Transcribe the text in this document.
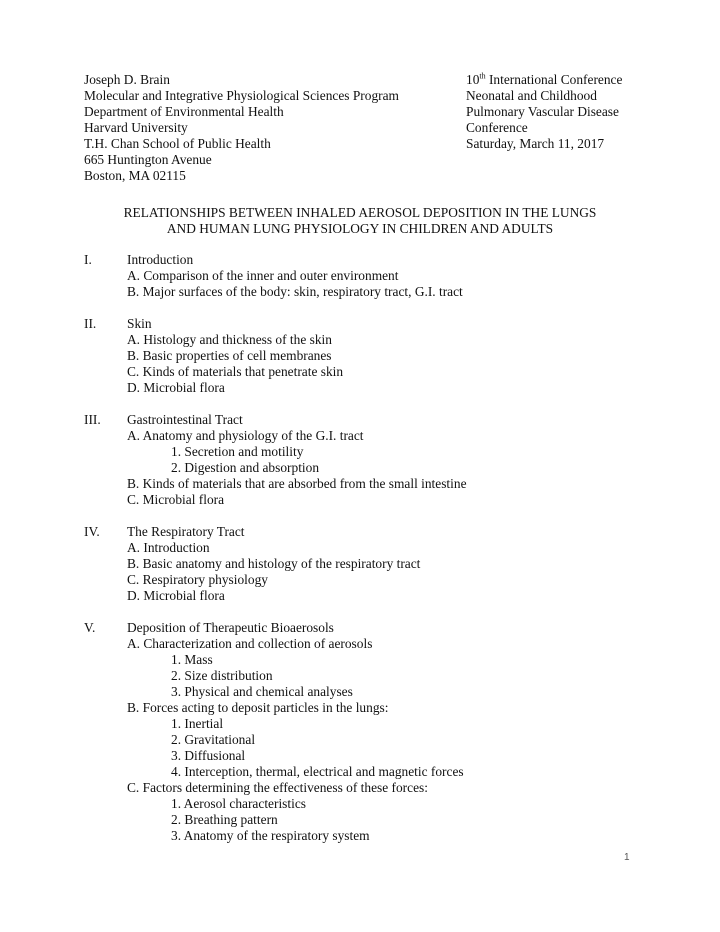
Joseph D. Brain
Molecular and Integrative Physiological Sciences Program
Department of Environmental Health
Harvard University
T.H. Chan School of Public Health
665 Huntington Avenue
Boston, MA 02115
10th International Conference
Neonatal and Childhood
Pulmonary Vascular Disease
Conference
Saturday, March 11, 2017
RELATIONSHIPS BETWEEN INHALED AEROSOL DEPOSITION IN THE LUNGS
AND HUMAN LUNG PHYSIOLOGY IN CHILDREN AND ADULTS
I.	Introduction
A. Comparison of the inner and outer environment
B. Major surfaces of the body: skin, respiratory tract, G.I. tract
II. Skin
A. Histology and thickness of the skin
B. Basic properties of cell membranes
C. Kinds of materials that penetrate skin
D. Microbial flora
III. Gastrointestinal Tract
A. Anatomy and physiology of the G.I. tract
1. Secretion and motility
2. Digestion and absorption
B. Kinds of materials that are absorbed from the small intestine
C. Microbial flora
IV. The Respiratory Tract
A. Introduction
B. Basic anatomy and histology of the respiratory tract
C. Respiratory physiology
D. Microbial flora
V. Deposition of Therapeutic Bioaerosols
A. Characterization and collection of aerosols
1. Mass
2. Size distribution
3. Physical and chemical analyses
B. Forces acting to deposit particles in the lungs:
1. Inertial
2. Gravitational
3. Diffusional
4. Interception, thermal, electrical and magnetic forces
C. Factors determining the effectiveness of these forces:
1. Aerosol characteristics
2. Breathing pattern
3. Anatomy of the respiratory system
1
